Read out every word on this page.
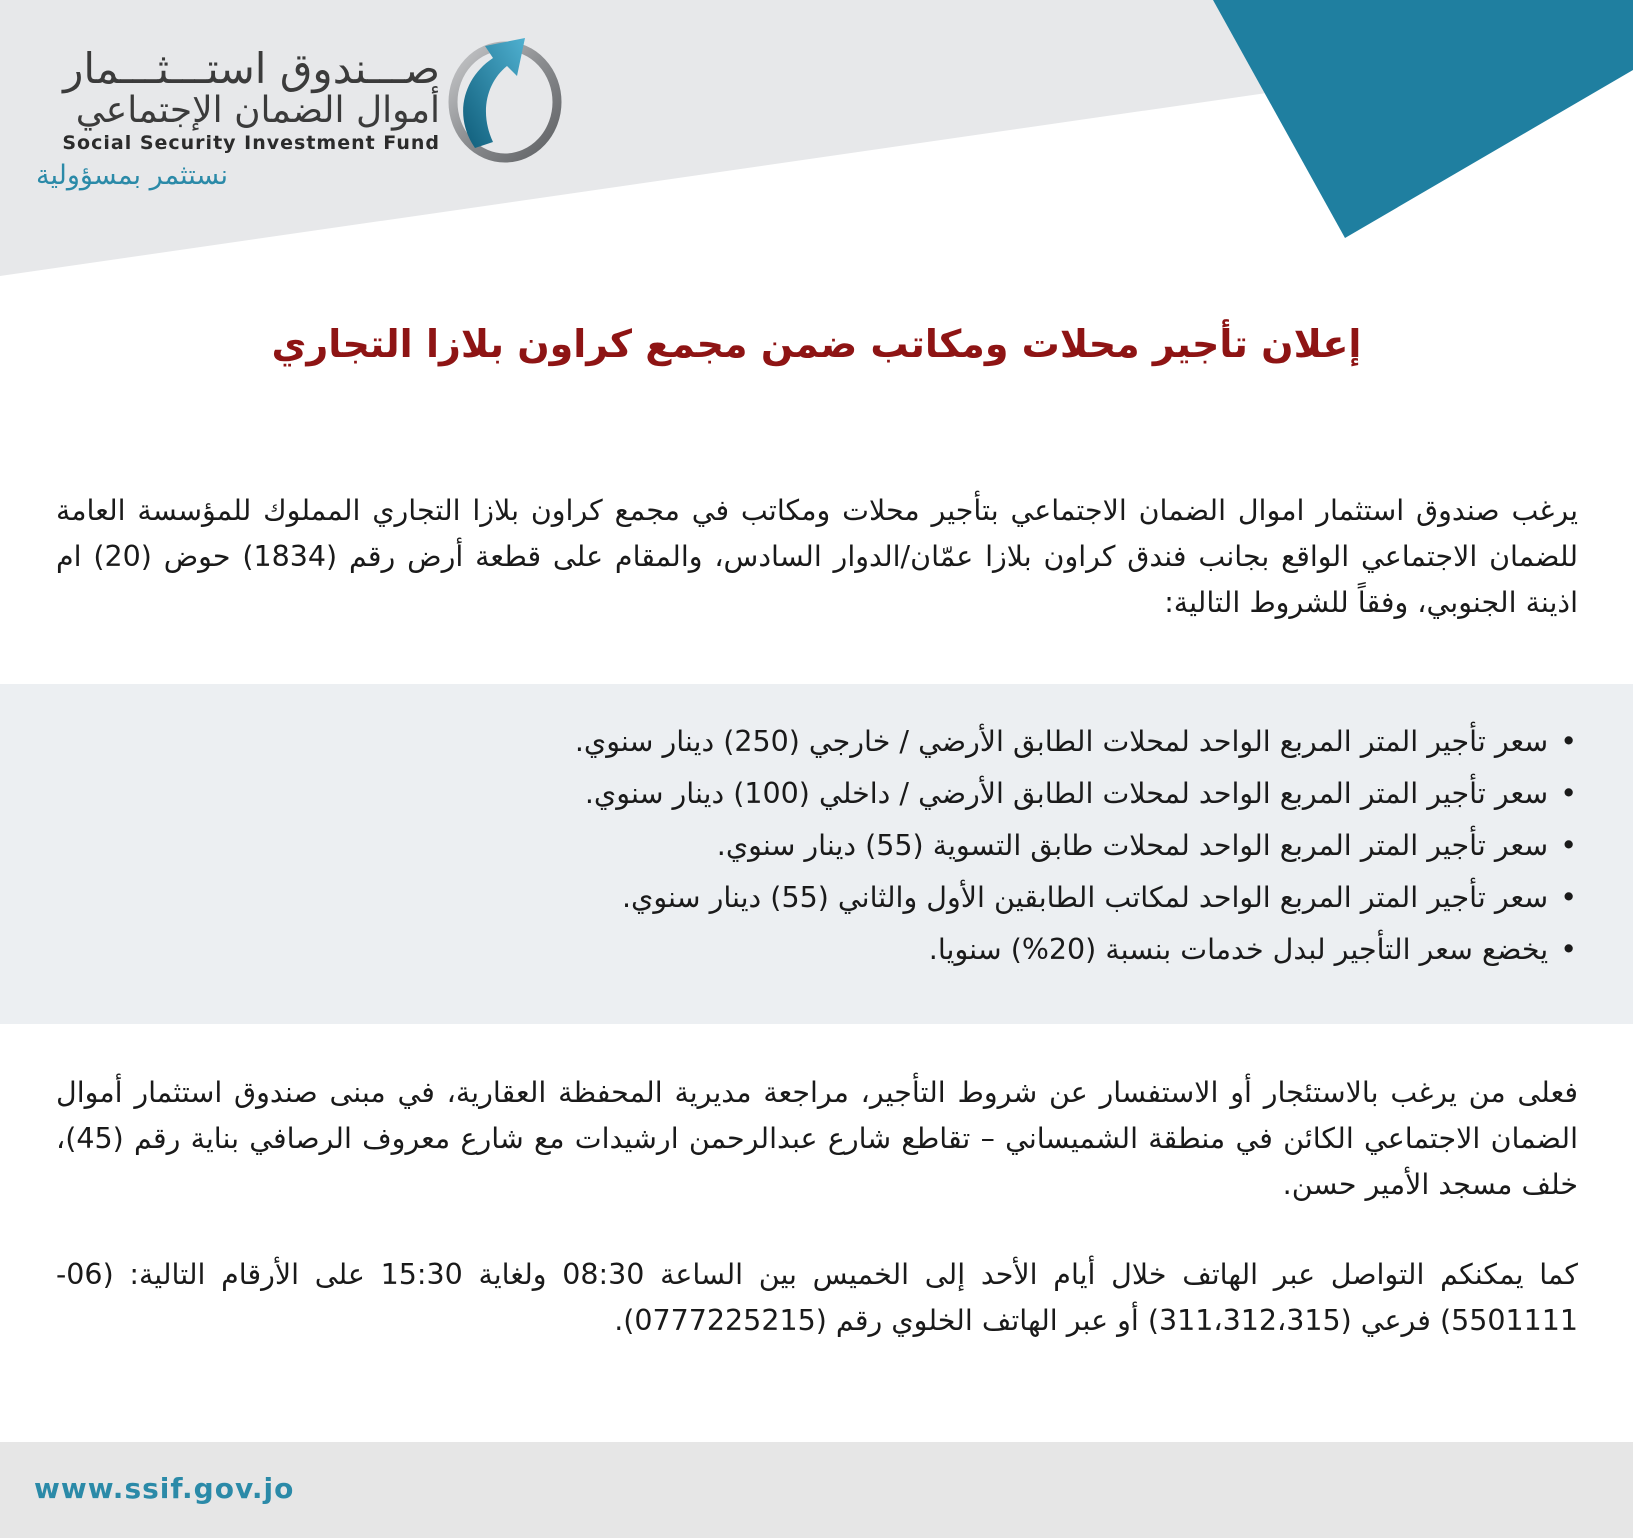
صـــندوق استـــثـــمار
أموال الضمان الإجتماعي
Social Security Investment Fund
نستثمر بمسؤولية
إعلان تأجير محلات ومكاتب ضمن مجمع كراون بلازا التجاري
يرغب صندوق استثمار اموال الضمان الاجتماعي بتأجير محلات ومكاتب في مجمع كراون بلازا التجاري المملوك للمؤسسة العامة للضمان الاجتماعي الواقع بجانب فندق كراون بلازا عمّان/الدوار السادس، والمقام على قطعة أرض رقم (1834) حوض (20) ام اذينة الجنوبي، وفقاً للشروط التالية:
• سعر تأجير المتر المربع الواحد لمحلات الطابق الأرضي / خارجي (250) دينار سنوي.
• سعر تأجير المتر المربع الواحد لمحلات الطابق الأرضي / داخلي (100) دينار سنوي.
• سعر تأجير المتر المربع الواحد لمحلات طابق التسوية (55) دينار سنوي.
• سعر تأجير المتر المربع الواحد لمكاتب الطابقين الأول والثاني (55) دينار سنوي.
• يخضع سعر التأجير لبدل خدمات بنسبة (20%) سنويا.
فعلى من يرغب بالاستئجار أو الاستفسار عن شروط التأجير، مراجعة مديرية المحفظة العقارية، في مبنى صندوق استثمار أموال الضمان الاجتماعي الكائن في منطقة الشميساني – تقاطع شارع عبدالرحمن ارشيدات مع شارع معروف الرصافي بناية رقم (45)، خلف مسجد الأمير حسن.
كما يمكنكم التواصل عبر الهاتف خلال أيام الأحد إلى الخميس بين الساعة 08:30 ولغاية 15:30 على الأرقام التالية: (06-5501111) فرعي (311،312،315) أو عبر الهاتف الخلوي رقم (0777225215).
www.ssif.gov.jo
